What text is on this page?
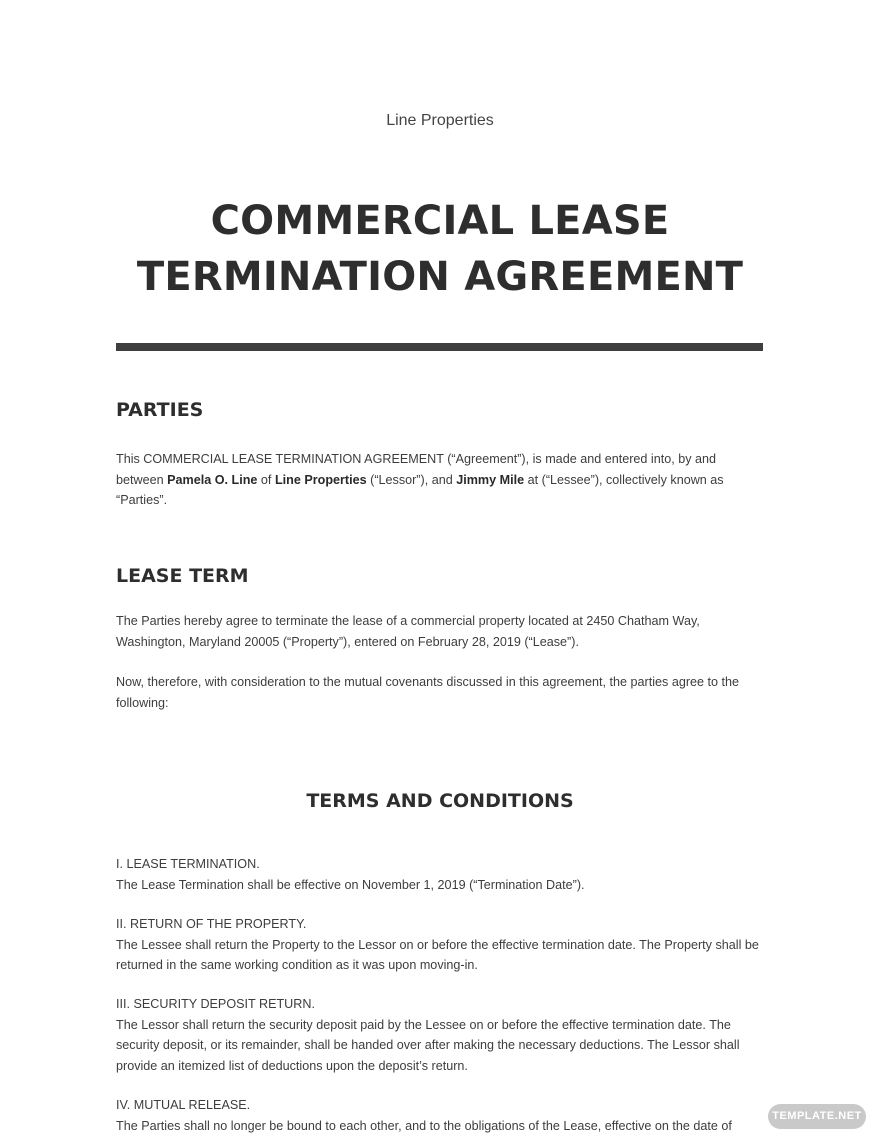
Line Properties
COMMERCIAL LEASE
TERMINATION AGREEMENT
PARTIES
This COMMERCIAL LEASE TERMINATION AGREEMENT (“Agreement”), is made and entered into, by and between Pamela O. Line of Line Properties (“Lessor”), and Jimmy Mile at (“Lessee”), collectively known as “Parties”.
LEASE TERM
The Parties hereby agree to terminate the lease of a commercial property located at 2450 Chatham Way, Washington, Maryland 20005 (“Property”), entered on February 28, 2019 (“Lease”).
Now, therefore, with consideration to the mutual covenants discussed in this agreement, the parties agree to the following:
TERMS AND CONDITIONS
I. LEASE TERMINATION.
The Lease Termination shall be effective on November 1, 2019 (“Termination Date”).
II. RETURN OF THE PROPERTY.
The Lessee shall return the Property to the Lessor on or before the effective termination date. The Property shall be returned in the same working condition as it was upon moving-in.
III. SECURITY DEPOSIT RETURN.
The Lessor shall return the security deposit paid by the Lessee on or before the effective termination date. The security deposit, or its remainder, shall be handed over after making the necessary deductions. The Lessor shall provide an itemized list of deductions upon the deposit’s return.
IV. MUTUAL RELEASE.
The Parties shall no longer be bound to each other, and to the obligations of the Lease, effective on the date of
TEMPLATE.NET
